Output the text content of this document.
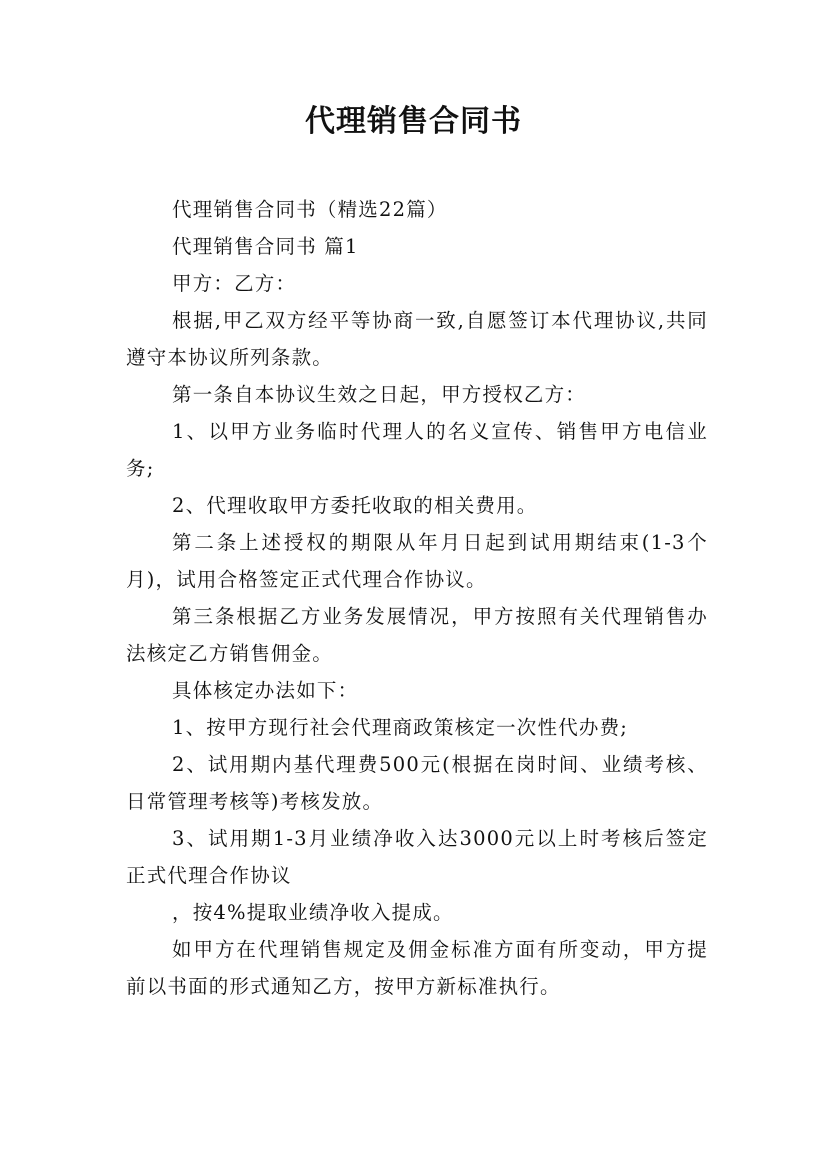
代理销售合同书

代理销售合同书（精选22篇）

代理销售合同书 篇1

甲方：乙方：

根据,甲乙双方经平等协商一致,自愿签订本代理协议,共同遵守本协议所列条款。

第一条自本协议生效之日起，甲方授权乙方：

1、以甲方业务临时代理人的名义宣传、销售甲方电信业务;

2、代理收取甲方委托收取的相关费用。

第二条上述授权的期限从年月日起到试用期结束(1-3个月)，试用合格签定正式代理合作协议。

第三条根据乙方业务发展情况，甲方按照有关代理销售办法核定乙方销售佣金。

具体核定办法如下：

1、按甲方现行社会代理商政策核定一次性代办费;

2、试用期内基代理费500元(根据在岗时间、业绩考核、日常管理考核等)考核发放。

3、试用期1-3月业绩净收入达3000元以上时考核后签定正式代理合作协议

，按4%提取业绩净收入提成。

如甲方在代理销售规定及佣金标准方面有所变动，甲方提前以书面的形式通知乙方，按甲方新标准执行。
